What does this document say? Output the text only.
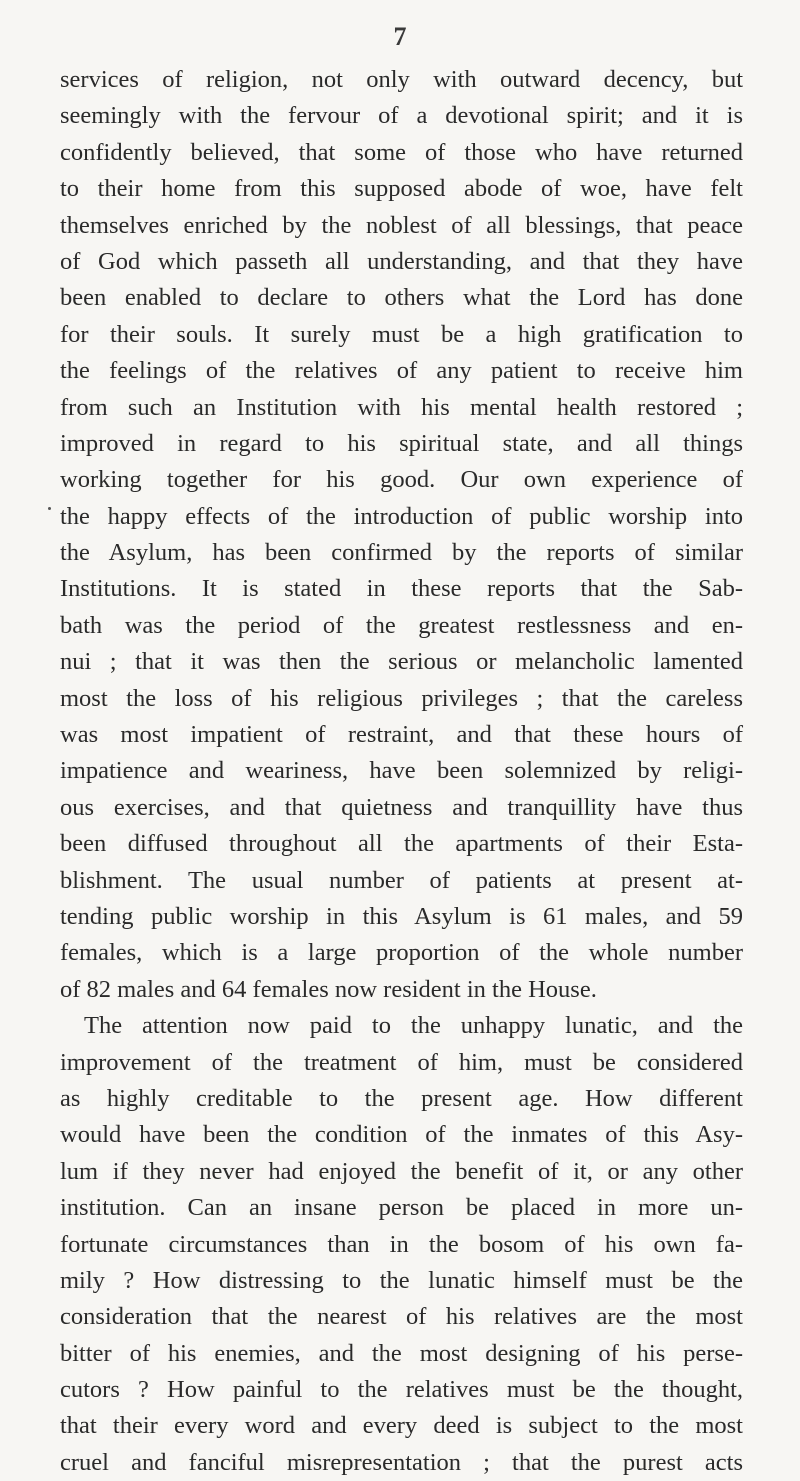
7
services of religion, not only with outward decency, but
seemingly with the fervour of a devotional spirit; and it is
confidently believed, that some of those who have returned
to their home from this supposed abode of woe, have felt
themselves enriched by the noblest of all blessings, that peace
of God which passeth all understanding, and that they have
been enabled to declare to others what the Lord has done
for their souls. It surely must be a high gratification to
the feelings of the relatives of any patient to receive him
from such an Institution with his mental health restored ;
improved in regard to his spiritual state, and all things
working together for his good. Our own experience of
the happy effects of the introduction of public worship into
the Asylum, has been confirmed by the reports of similar
Institutions. It is stated in these reports that the Sab-
bath was the period of the greatest restlessness and en-
nui ; that it was then the serious or melancholic lamented
most the loss of his religious privileges ; that the careless
was most impatient of restraint, and that these hours of
impatience and weariness, have been solemnized by religi-
ous exercises, and that quietness and tranquillity have thus
been diffused throughout all the apartments of their Esta-
blishment. The usual number of patients at present at-
tending public worship in this Asylum is 61 males, and 59
females, which is a large proportion of the whole number
of 82 males and 64 females now resident in the House.
The attention now paid to the unhappy lunatic, and the
improvement of the treatment of him, must be considered
as highly creditable to the present age. How different
would have been the condition of the inmates of this Asy-
lum if they never had enjoyed the benefit of it, or any other
institution. Can an insane person be placed in more un-
fortunate circumstances than in the bosom of his own fa-
mily ? How distressing to the lunatic himself must be the
consideration that the nearest of his relatives are the most
bitter of his enemies, and the most designing of his perse-
cutors ? How painful to the relatives must be the thought,
that their every word and every deed is subject to the most
cruel and fanciful misrepresentation ; that the purest acts
